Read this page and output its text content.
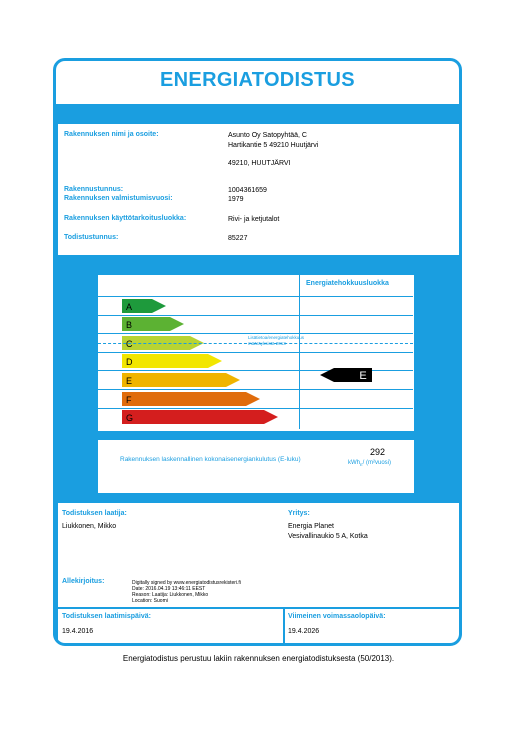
ENERGIATODISTUS
Rakennuksen nimi ja osoite:	Asunto Oy Satopyhtää, C
Hartikantie 5 49210 Huutjärvi
49210, HUUTJÄRVI
Rakennustunnus:	1004361659
Rakennuksen valmistumisvuosi:	1979
Rakennuksen käyttötarkoitusluokka:	Rivi- ja ketjutalot
Todistustunnus:	85227
Energiatehokkuusluokka
A
B
C
D
E
F
G
Lisätietoa/energiatehokkuus
määräyksistä 2013
E
Rakennuksen laskennallinen kokonaisenergiankulutus (E-luku)
292
kWh$_E$/ (m²vuosi)
Todistuksen laatija:
Liukkonen, Mikko
Yritys:
Energia Planet
Vesivallinaukio 5 A, Kotka
Allekirjoitus:	Digitally signed by www.energiatodistusrekisteri.fi
Date: 2016.04.19 13:46:11 EEST
Reason: Laatija: Liukkonen, Mikko
Location: Suomi
Todistuksen laatimispäivä:
19.4.2016
Viimeinen voimassaolopäivä:
19.4.2026
Energiatodistus perustuu lakiin rakennuksen energiatodistuksesta (50/2013).
